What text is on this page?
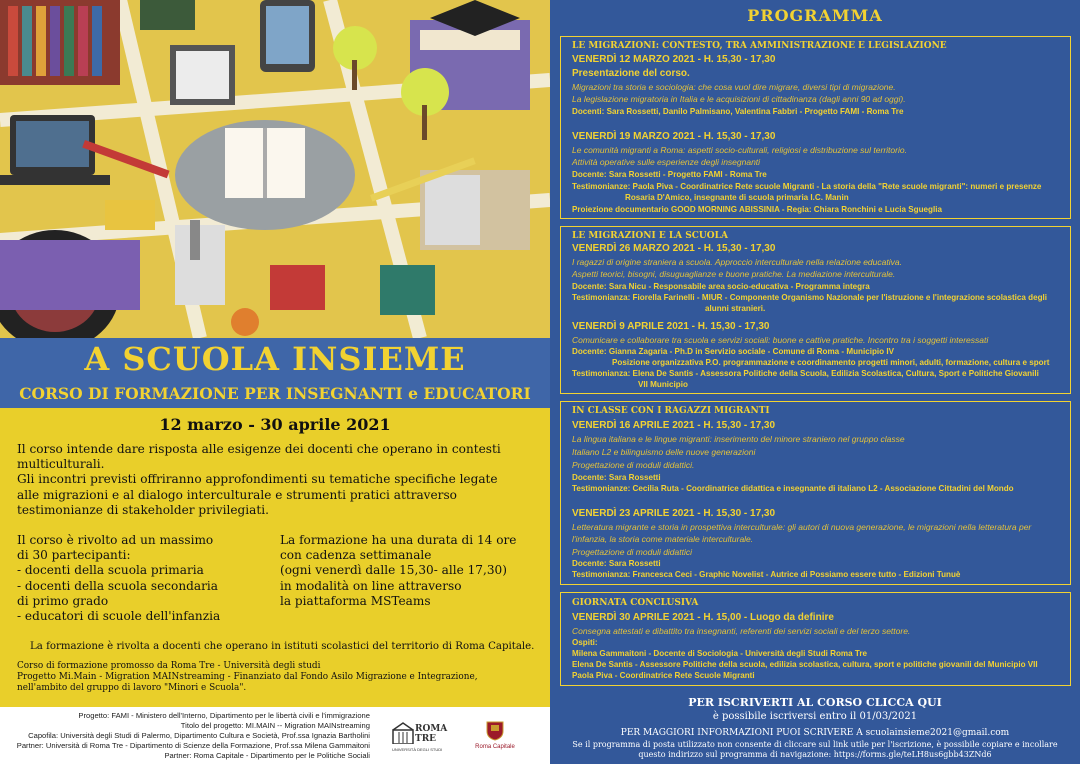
A SCUOLA INSIEME
CORSO DI FORMAZIONE PER INSEGNANTI e EDUCATORI
12 marzo - 30 aprile 2021
Il corso intende dare risposta alle esigenze dei docenti che operano in contesti
multiculturali.
Gli incontri previsti offriranno approfondimenti su tematiche specifiche legate
alle migrazioni e al dialogo interculturale e strumenti pratici attraverso
testimonianze di stakeholder privilegiati.
Il corso è rivolto ad un massimo
di 30 partecipanti:
- docenti della scuola primaria
- docenti della scuola secondaria
di primo grado
- educatori di scuole dell'infanzia
La formazione ha una durata di 14 ore
con cadenza settimanale
(ogni venerdì dalle 15,30- alle 17,30)
in modalità on line attraverso
la piattaforma MSTeams
La formazione è rivolta a docenti che operano in istituti scolastici del territorio di Roma Capitale.
Corso di formazione promosso da Roma Tre - Università degli studi
Progetto Mi.Main - Migration MAINstreaming - Finanziato dal Fondo Asilo Migrazione e Integrazione,
nell'ambito del gruppo di lavoro "Minori e Scuola".
Progetto: FAMI - Ministero dell'Interno, Dipartimento per le libertà civili e l'immigrazione
Titolo del progetto: MI.MAIN -- Migration MAINstreaming
Capofila: Università degli Studi di Palermo, Dipartimento Cultura e Società, Prof.ssa Ignazia Bartholini
Partner: Università di Roma Tre - Dipartimento di Scienze della Formazione, Prof.ssa Milena Gammaitoni
Partner: Roma Capitale - Dipartimento per le Politiche Sociali
ROMA TRE
UNIVERSITÀ DEGLI STUDI	Roma Capitale
PROGRAMMA
LE MIGRAZIONI: CONTESTO, TRA AMMINISTRAZIONE E LEGISLAZIONE
VENERDÌ 12 MARZO 2021 - H. 15,30 - 17,30
Presentazione del corso.
Migrazioni tra storia e sociologia: che cosa vuol dire migrare, diversi tipi di migrazione.
La legislazione migratoria in Italia e le acquisizioni di cittadinanza (dagli anni 90 ad oggi).
Docenti: Sara Rossetti, Danilo Palmisano, Valentina Fabbri - Progetto FAMI - Roma Tre
VENERDÌ 19 MARZO 2021 - H. 15,30 - 17,30
Le comunità migranti a Roma: aspetti socio-culturali, religiosi e distribuzione sul territorio.
Attività operative sulle esperienze degli insegnanti
Docente: Sara Rossetti - Progetto FAMI - Roma Tre
Testimonianze: Paola Piva - Coordinatrice Rete scuole Migranti - La storia della "Rete scuole migranti": numeri e presenze
Rosaria D'Amico, insegnante di scuola primaria I.C. Manin
Proiezione documentario GOOD MORNING ABISSINIA - Regia: Chiara Ronchini e Lucia Sgueglia
LE MIGRAZIONI E LA SCUOLA
VENERDÌ 26 MARZO 2021 - H. 15,30 - 17,30
I ragazzi di origine straniera a scuola. Approccio interculturale nella relazione educativa.
Aspetti teorici, bisogni, disuguaglianze e buone pratiche. La mediazione interculturale.
Docente: Sara Nicu - Responsabile area socio-educativa - Programma integra
Testimonianza: Fiorella Farinelli - MIUR - Componente Organismo Nazionale per l'istruzione e l'integrazione scolastica degli
alunni stranieri.
VENERDÌ 9 APRILE 2021 - H. 15,30 - 17,30
Comunicare e collaborare tra scuola e servizi sociali: buone e cattive pratiche. Incontro tra i soggetti interessati
Docente: Gianna Zagaria - Ph.D in Servizio sociale - Comune di Roma - Municipio IV
Posizione organizzativa P.O. programmazione e coordinamento progetti minori, adulti, formazione, cultura e sport
Testimonianza: Elena De Santis - Assessora Politiche della Scuola, Edilizia Scolastica, Cultura, Sport e Politiche Giovanili
VII Municipio
IN CLASSE CON I RAGAZZI MIGRANTI
VENERDÌ 16 APRILE 2021 - H. 15,30 - 17,30
La lingua italiana e le lingue migranti: inserimento del minore straniero nel gruppo classe
Italiano L2 e bilinguismo delle nuove generazioni
Progettazione di moduli didattici.
Docente: Sara Rossetti
Testimonianze: Cecilia Ruta - Coordinatrice didattica e insegnante di italiano L2 - Associazione Cittadini del Mondo
VENERDÌ 23 APRILE 2021 - H. 15,30 - 17,30
Letteratura migrante e storia in prospettiva interculturale: gli autori di nuova generazione, le migrazioni nella letteratura per
l'infanzia, la storia come materiale interculturale.
Progettazione di moduli didattici
Docente: Sara Rossetti
Testimonianza: Francesca Ceci - Graphic Novelist - Autrice di Possiamo essere tutto - Edizioni Tunuè
GIORNATA CONCLUSIVA
VENERDÌ 30 APRILE 2021 - H. 15,00 - Luogo da definire
Consegna attestati e dibattito tra insegnanti, referenti dei servizi sociali e del terzo settore.
Ospiti:
Milena Gammaitoni - Docente di Sociologia - Università degli Studi Roma Tre
Elena De Santis - Assessore Politiche della scuola, edilizia scolastica, cultura, sport e politiche giovanili del Municipio VII
Paola Piva - Coordinatrice Rete Scuole Migranti
PER ISCRIVERTI AL CORSO CLICCA QUI
è possibile iscriversi entro il 01/03/2021
PER MAGGIORI INFORMAZIONI PUOI SCRIVERE A scuolainsieme2021@gmail.com
Se il programma di posta utilizzato non consente di cliccare sul link utile per l'iscrizione, è possibile copiare e incollare questo indirizzo sul programma di navigazione: https://forms.gle/teLH8us6gbb43ZNd6
